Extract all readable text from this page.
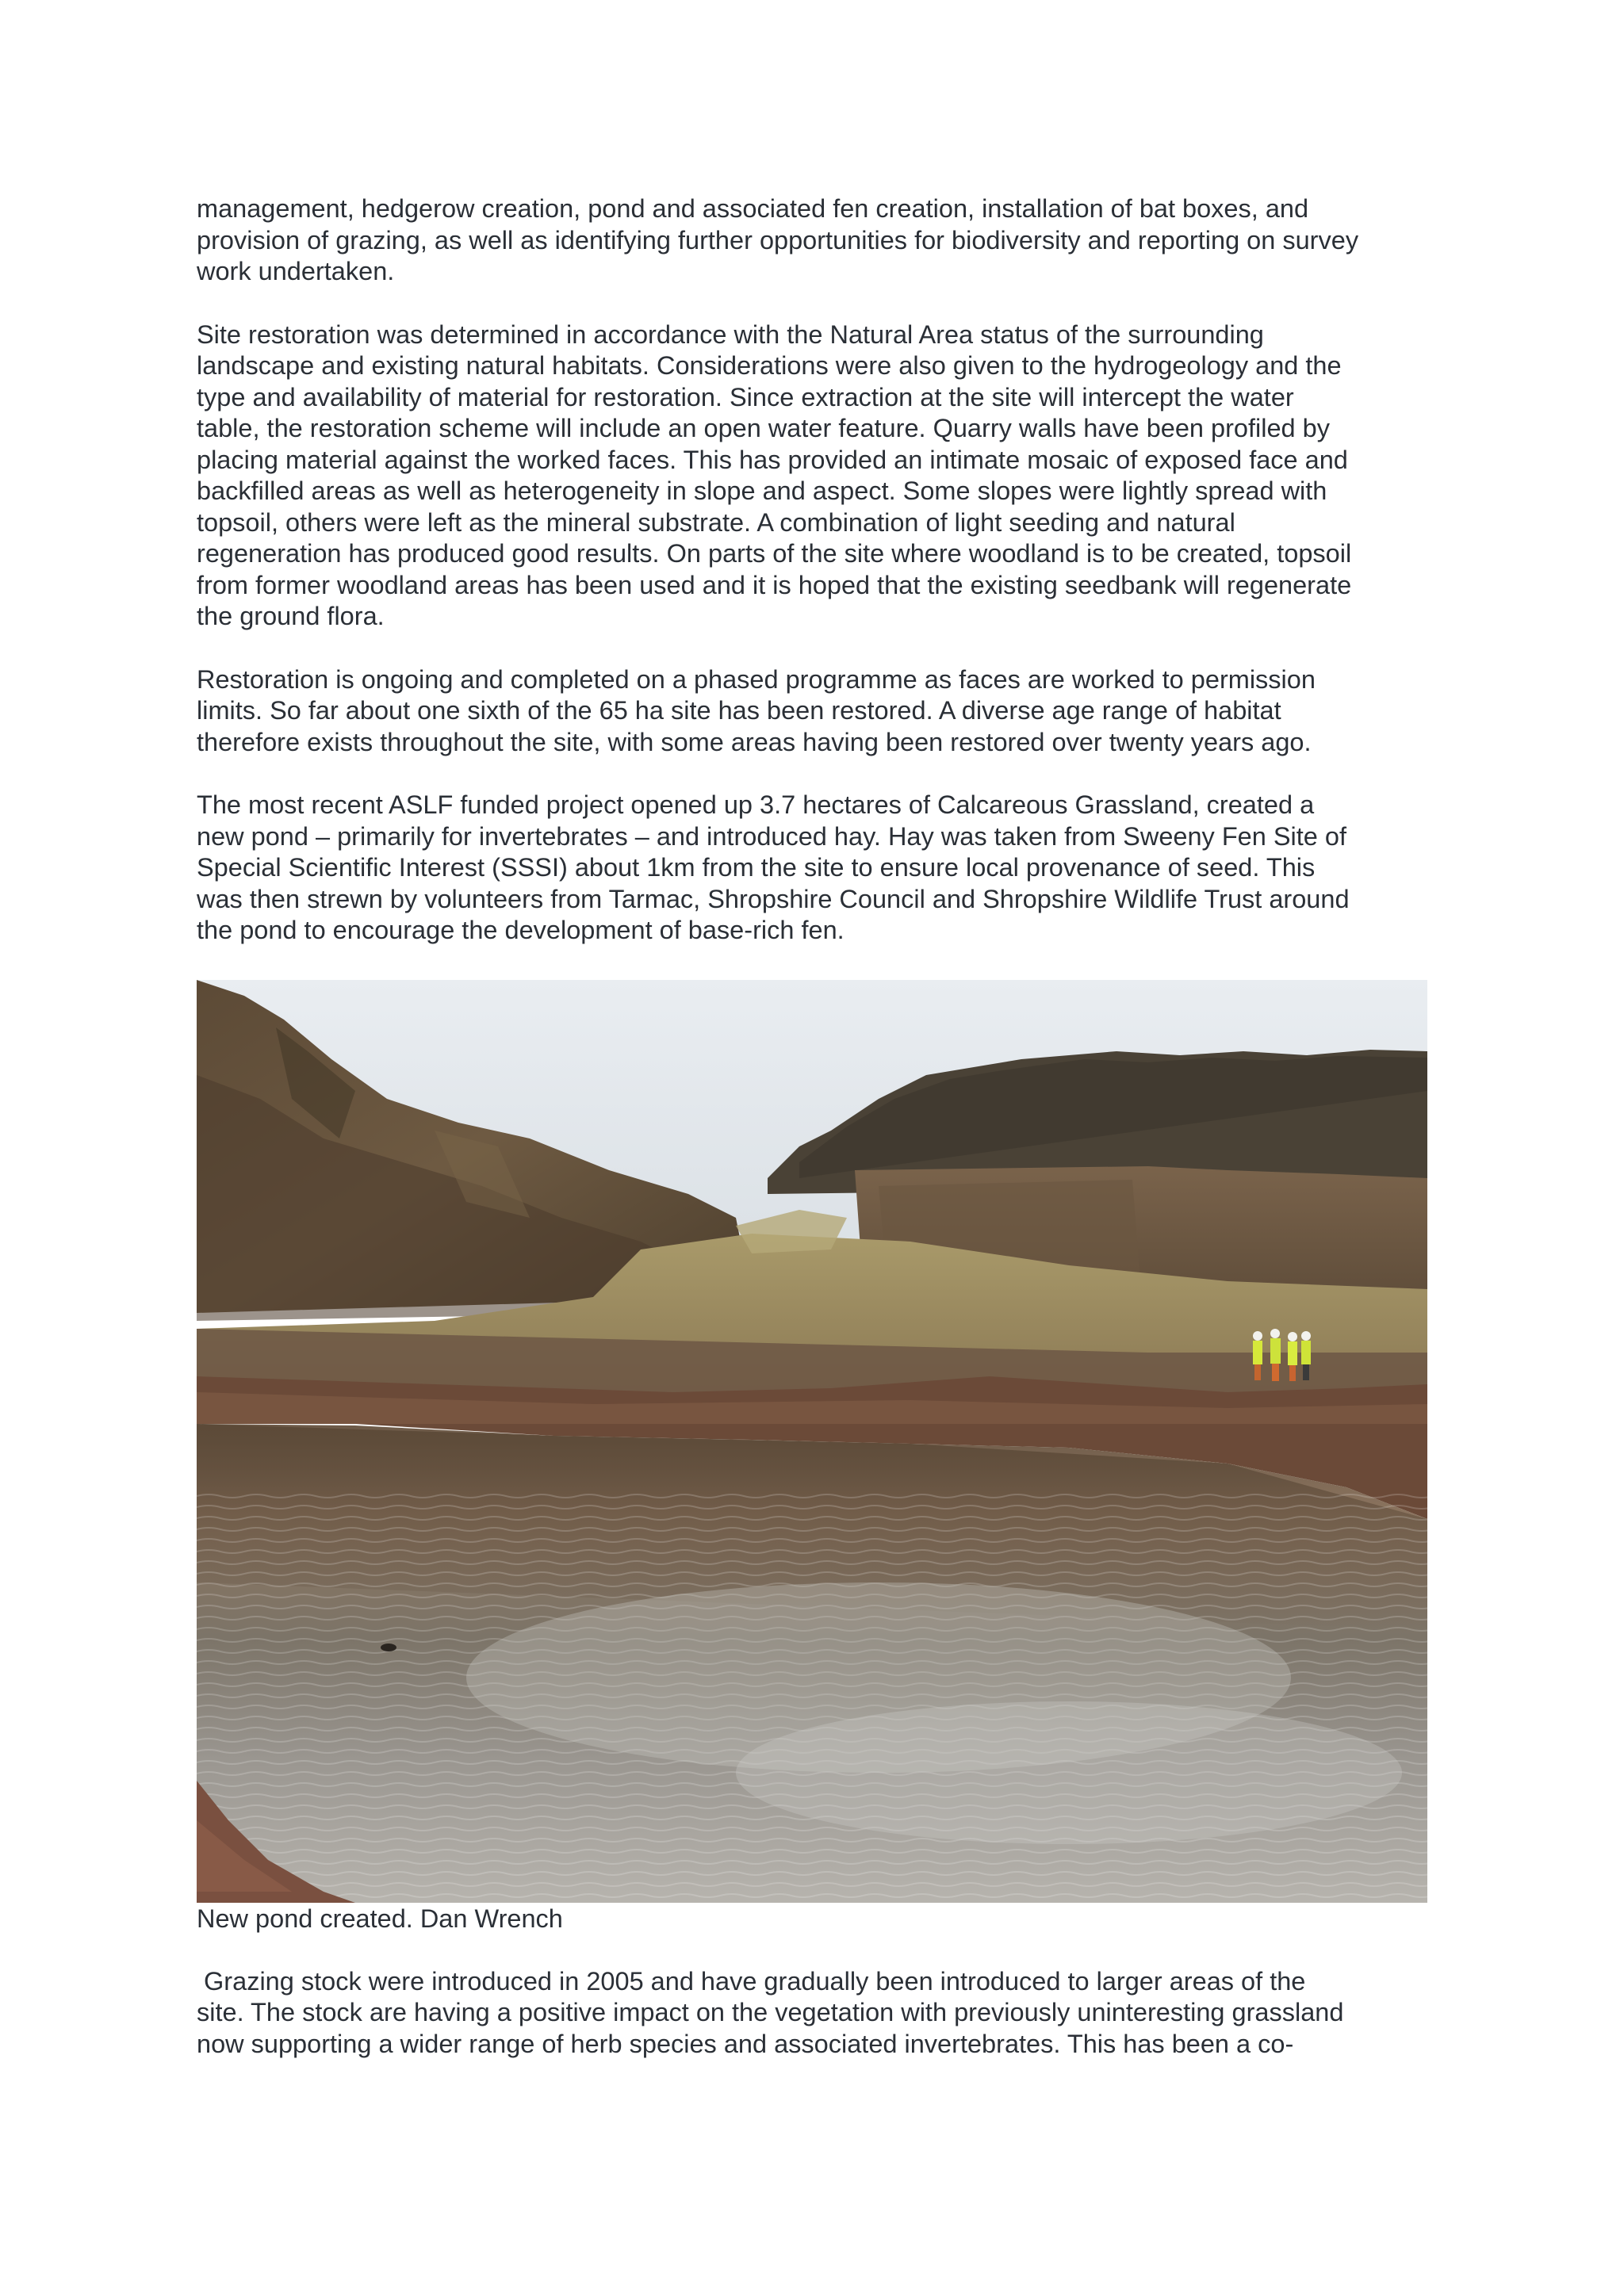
management, hedgerow creation, pond and associated fen creation, installation of bat boxes, and
provision of grazing, as well as identifying further opportunities for biodiversity and reporting on survey
work undertaken.

Site restoration was determined in accordance with the Natural Area status of the surrounding
landscape and existing natural habitats. Considerations were also given to the hydrogeology and the
type and availability of material for restoration. Since extraction at the site will intercept the water
table, the restoration scheme will include an open water feature. Quarry walls have been profiled by
placing material against the worked faces. This has provided an intimate mosaic of exposed face and
backfilled areas as well as heterogeneity in slope and aspect. Some slopes were lightly spread with
topsoil, others were left as the mineral substrate. A combination of light seeding and natural
regeneration has produced good results. On parts of the site where woodland is to be created, topsoil
from former woodland areas has been used and it is hoped that the existing seedbank will regenerate
the ground flora.

Restoration is ongoing and completed on a phased programme as faces are worked to permission
limits. So far about one sixth of the 65 ha site has been restored. A diverse age range of habitat
therefore exists throughout the site, with some areas having been restored over twenty years ago.

The most recent ASLF funded project opened up 3.7 hectares of Calcareous Grassland, created a
new pond – primarily for invertebrates – and introduced hay. Hay was taken from Sweeny Fen Site of
Special Scientific Interest (SSSI) about 1km from the site to ensure local provenance of seed. This
was then strewn by volunteers from Tarmac, Shropshire Council and Shropshire Wildlife Trust around
the pond to encourage the development of base-rich fen.

New pond created. Dan Wrench

Grazing stock were introduced in 2005 and have gradually been introduced to larger areas of the
site. The stock are having a positive impact on the vegetation with previously uninteresting grassland
now supporting a wider range of herb species and associated invertebrates. This has been a co-
